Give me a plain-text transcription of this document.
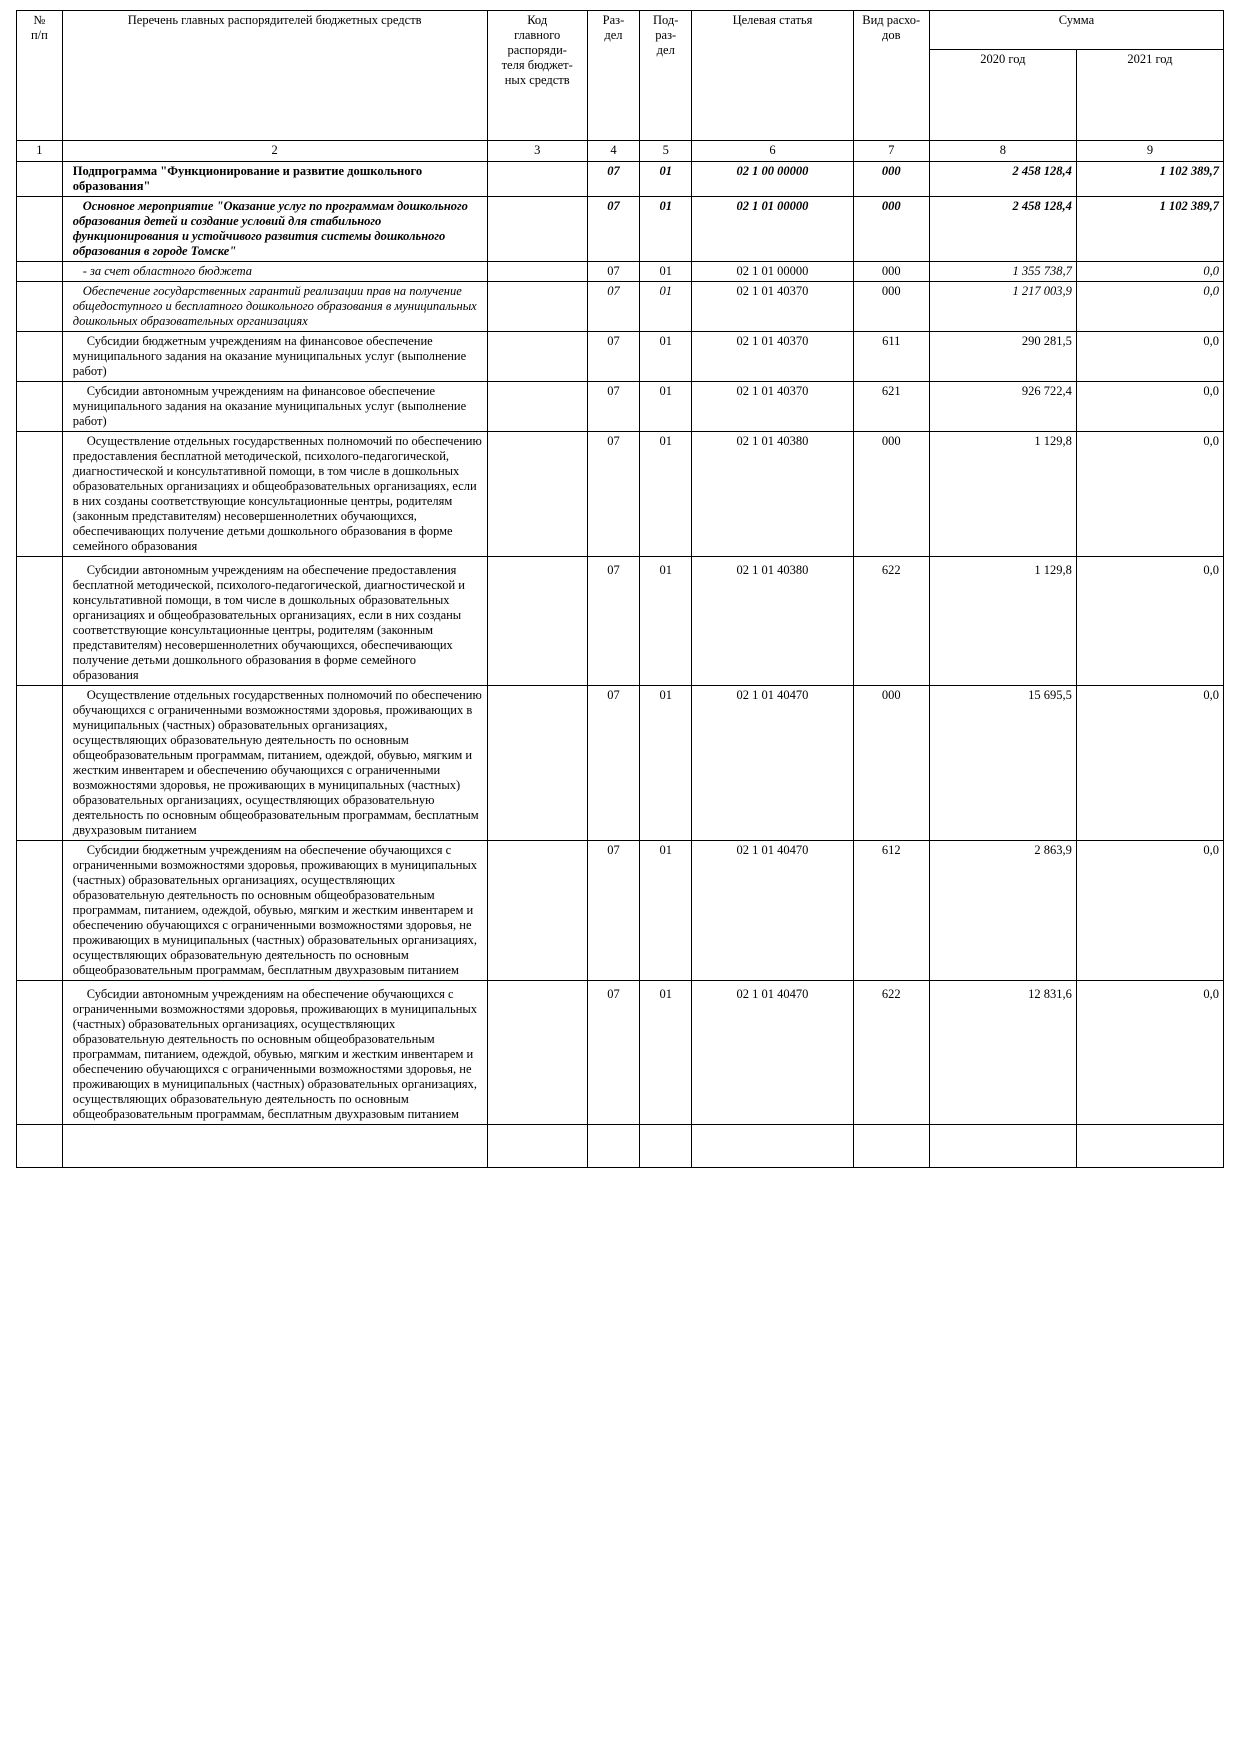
№
п/п	Перечень главных распорядителей бюджетных средств	Код
главного
распоряди-
теля бюджет-
ных средств	Раз-
дел	Под-
раз-
дел	Целевая статья	Вид расхо-
дов	Сумма	
							2020 год	2021 год
1	2	3	4	5	6	7	8	9
	Подпрограмма "Функционирование и развитие дошкольного образования"		07	01	02 1 00 00000	000	2 458 128,4	1 102 389,7
	Основное мероприятие "Оказание услуг по программам дошкольного образования детей и создание условий для стабильного функционирования и устойчивого развития системы дошкольного образования в городе Томске"		07	01	02 1 01 00000	000	2 458 128,4	1 102 389,7
	- за счет областного бюджета		07	01	02 1 01 00000	000	1 355 738,7	0,0
	Обеспечение государственных гарантий реализации прав на получение общедоступного и бесплатного дошкольного образования в муниципальных дошкольных образовательных организациях		07	01	02 1 01 40370	000	1 217 003,9	0,0
	Субсидии бюджетным учреждениям на финансовое обеспечение муниципального задания на оказание муниципальных услуг (выполнение работ)		07	01	02 1 01 40370	611	290 281,5	0,0
	Субсидии автономным учреждениям на финансовое обеспечение муниципального задания на оказание муниципальных услуг (выполнение работ)		07	01	02 1 01 40370	621	926 722,4	0,0
	Осуществление отдельных государственных полномочий по обеспечению предоставления бесплатной методической, психолого-педагогической, диагностической и консультативной помощи, в том числе в дошкольных образовательных организациях и общеобразовательных организациях, если в них созданы соответствующие консультационные центры, родителям (законным представителям) несовершеннолетних обучающихся, обеспечивающих получение детьми дошкольного образования в форме семейного образования		07	01	02 1 01 40380	000	1 129,8	0,0
	Субсидии автономным учреждениям на обеспечение предоставления бесплатной методической, психолого-педагогической, диагностической и консультативной помощи, в том числе в дошкольных образовательных организациях и общеобразовательных организациях, если в них созданы соответствующие консультационные центры, родителям (законным представителям) несовершеннолетних обучающихся, обеспечивающих получение детьми дошкольного образования в форме семейного образования		07	01	02 1 01 40380	622	1 129,8	0,0
	Осуществление отдельных государственных полномочий по обеспечению обучающихся с ограниченными возможностями здоровья, проживающих в муниципальных (частных) образовательных организациях, осуществляющих образовательную деятельность по основным общеобразовательным программам, питанием, одеждой, обувью, мягким и жестким инвентарем и обеспечению обучающихся с ограниченными возможностями здоровья, не проживающих в муниципальных (частных) образовательных организациях, осуществляющих образовательную деятельность по основным общеобразовательным программам, бесплатным двухразовым питанием		07	01	02 1 01 40470	000	15 695,5	0,0
	Субсидии бюджетным учреждениям на обеспечение обучающихся с ограниченными возможностями здоровья, проживающих в муниципальных (частных) образовательных организациях, осуществляющих образовательную деятельность по основным общеобразовательным программам, питанием, одеждой, обувью, мягким и жестким инвентарем и обеспечению обучающихся с ограниченными возможностями здоровья, не проживающих в муниципальных (частных) образовательных организациях, осуществляющих образовательную деятельность по основным общеобразовательным программам, бесплатным двухразовым питанием		07	01	02 1 01 40470	612	2 863,9	0,0
	Субсидии автономным учреждениям на обеспечение обучающихся с ограниченными возможностями здоровья, проживающих в муниципальных (частных) образовательных организациях, осуществляющих образовательную деятельность по основным общеобразовательным программам, питанием, одеждой, обувью, мягким и жестким инвентарем и обеспечению обучающихся с ограниченными возможностями здоровья, не проживающих в муниципальных (частных) образовательных организациях, осуществляющих образовательную деятельность по основным общеобразовательным программам, бесплатным двухразовым питанием		07	01	02 1 01 40470	622	12 831,6	0,0
